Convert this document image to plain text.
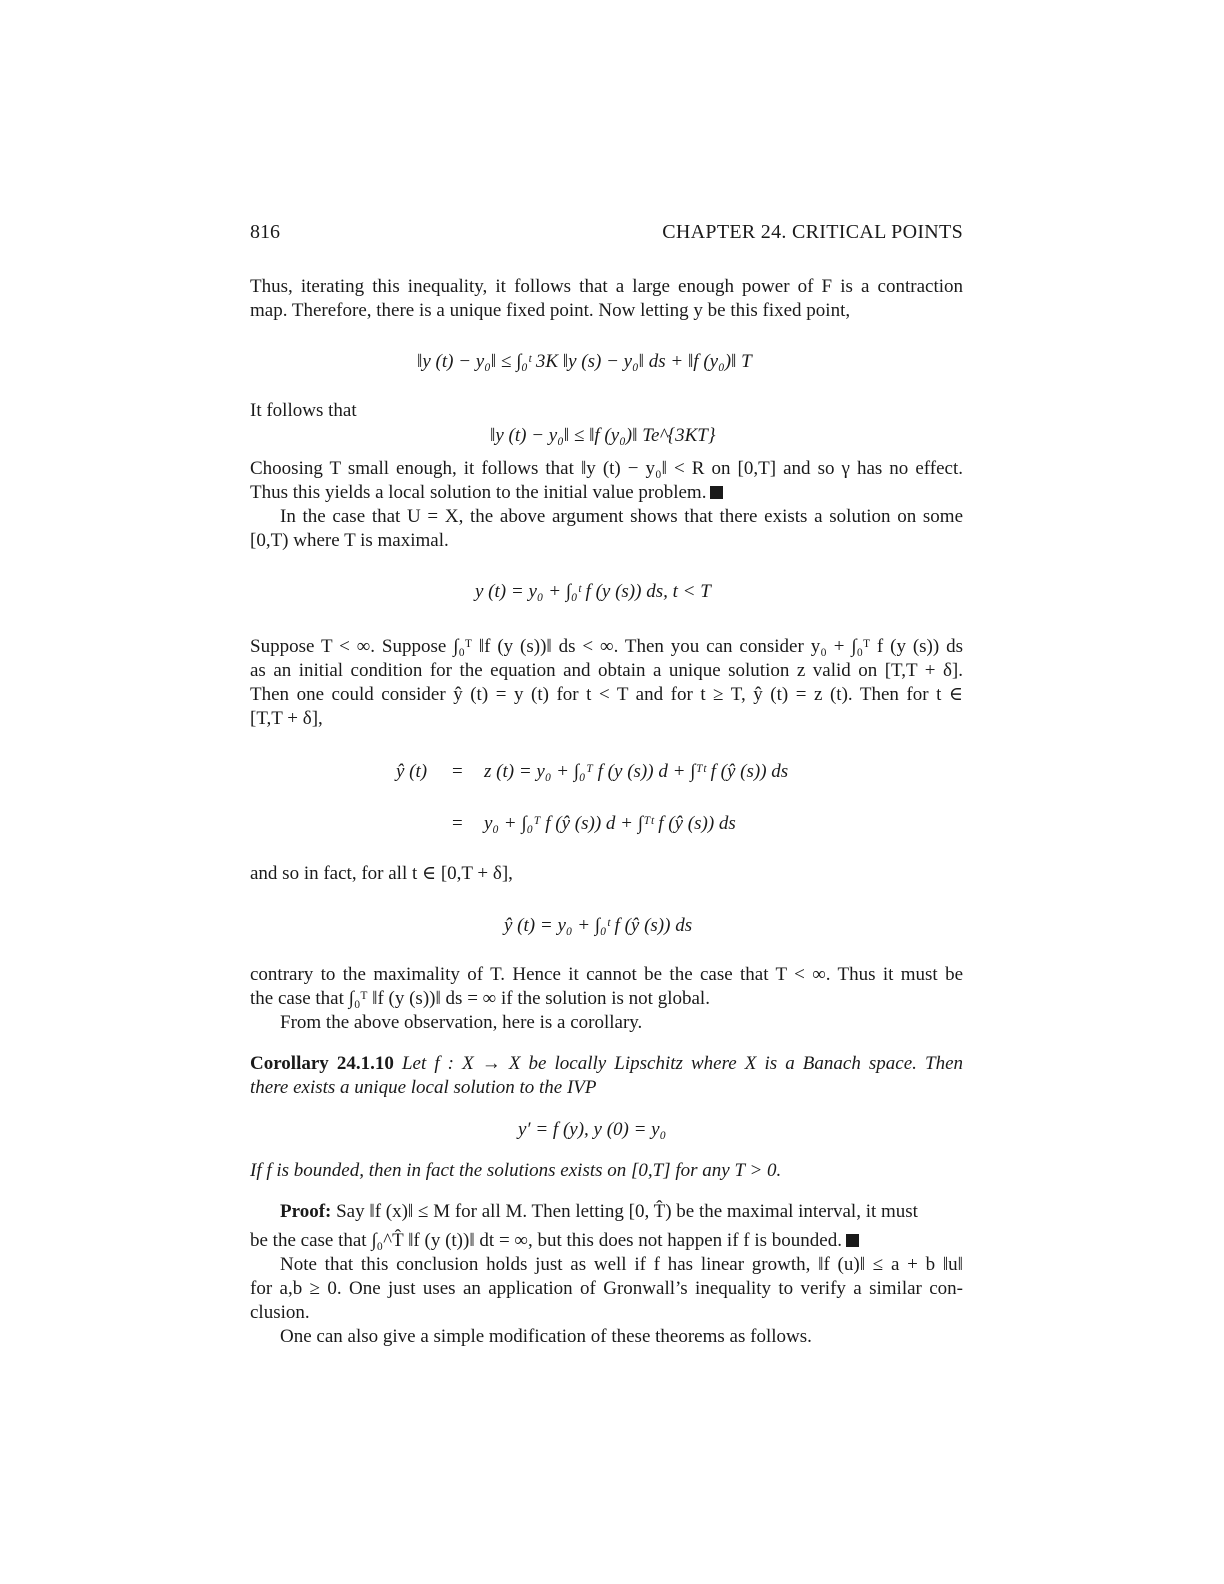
816	CHAPTER 24. CRITICAL POINTS
Thus, iterating this inequality, it follows that a large enough power of F is a contraction
map. Therefore, there is a unique fixed point. Now letting y be this fixed point,
‖y (t) − y₀‖ ≤ ∫₀ᵗ 3K ‖y (s) − y₀‖ ds + ‖f (y₀)‖ T
It follows that
‖y (t) − y₀‖ ≤ ‖f (y₀)‖ Te^{3KT}
Choosing T small enough, it follows that ‖y (t) − y₀‖ < R on [0,T] and so γ has no effect.
Thus this yields a local solution to the initial value problem.
In the case that U = X, the above argument shows that there exists a solution on some
[0,T) where T is maximal.
y (t) = y₀ + ∫₀ᵗ f (y (s)) ds, t < T
Suppose T < ∞. Suppose ∫₀ᵀ ‖f (y (s))‖ ds < ∞. Then you can consider y₀ + ∫₀ᵀ f (y (s)) ds
as an initial condition for the equation and obtain a unique solution z valid on [T,T + δ].
Then one could consider ŷ (t) = y (t) for t < T and for t ≥ T, ŷ (t) = z (t). Then for t ∈
[T,T + δ],
ŷ (t) = z (t) = y₀ + ∫₀ᵀ f (y (s)) d + ∫ᵀᵗ f (ŷ (s)) ds
= y₀ + ∫₀ᵀ f (ŷ (s)) d + ∫ᵀᵗ f (ŷ (s)) ds
and so in fact, for all t ∈ [0,T + δ],
ŷ (t) = y₀ + ∫₀ᵗ f (ŷ (s)) ds
contrary to the maximality of T. Hence it cannot be the case that T < ∞. Thus it must be
the case that ∫₀ᵀ ‖f (y (s))‖ ds = ∞ if the solution is not global.
From the above observation, here is a corollary.
Corollary 24.1.10 Let f : X → X be locally Lipschitz where X is a Banach space. Then
there exists a unique local solution to the IVP
y′ = f (y), y (0) = y₀
If f is bounded, then in fact the solutions exists on [0,T] for any T > 0.
Proof: Say ‖f (x)‖ ≤ M for all M. Then letting [0, T̂) be the maximal interval, it must
be the case that ∫₀^T̂ ‖f (y (t))‖ dt = ∞, but this does not happen if f is bounded.
Note that this conclusion holds just as well if f has linear growth, ‖f (u)‖ ≤ a + b ‖u‖
for a,b ≥ 0. One just uses an application of Gronwall’s inequality to verify a similar con-
clusion.
One can also give a simple modification of these theorems as follows.
